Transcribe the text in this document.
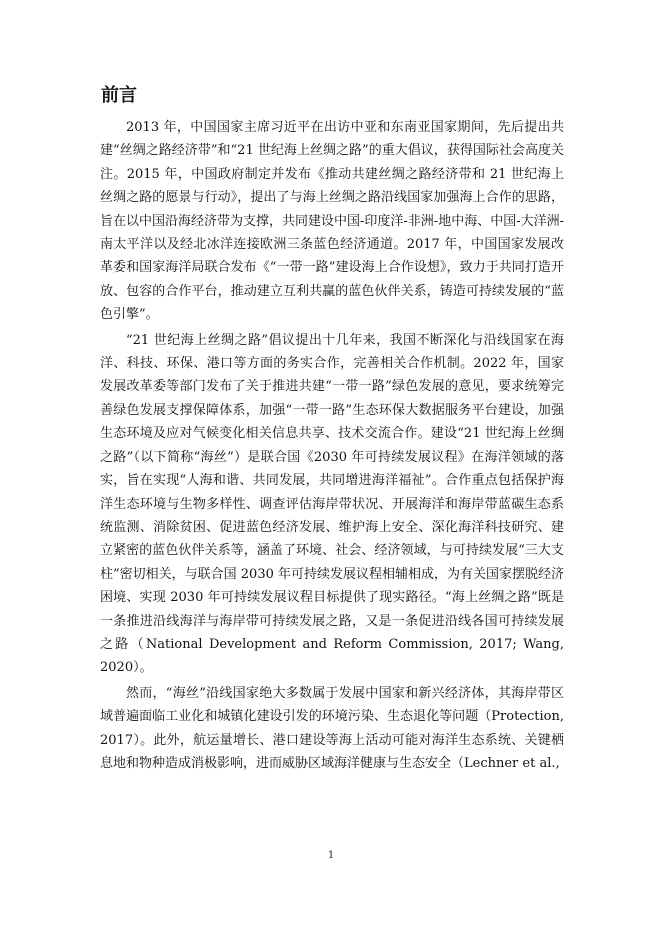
前言

2013 年，中国国家主席习近平在出访中亚和东南亚国家期间，先后提出共建“丝绸之路经济带”和“21 世纪海上丝绸之路”的重大倡议，获得国际社会高度关注。2015 年，中国政府制定并发布《推动共建丝绸之路经济带和 21 世纪海上丝绸之路的愿景与行动》，提出了与海上丝绸之路沿线国家加强海上合作的思路，旨在以中国沿海经济带为支撑，共同建设中国-印度洋-非洲-地中海、中国-大洋洲-南太平洋以及经北冰洋连接欧洲三条蓝色经济通道。2017 年，中国国家发展改革委和国家海洋局联合发布《“一带一路”建设海上合作设想》，致力于共同打造开放、包容的合作平台，推动建立互利共赢的蓝色伙伴关系，铸造可持续发展的“蓝色引擎”。

“21 世纪海上丝绸之路”倡议提出十几年来，我国不断深化与沿线国家在海洋、科技、环保、港口等方面的务实合作，完善相关合作机制。2022 年，国家发展改革委等部门发布了关于推进共建“一带一路”绿色发展的意见，要求统筹完善绿色发展支撑保障体系，加强“一带一路”生态环保大数据服务平台建设，加强生态环境及应对气候变化相关信息共享、技术交流合作。建设“21 世纪海上丝绸之路”（以下简称“海丝”）是联合国《2030 年可持续发展议程》在海洋领域的落实，旨在实现“人海和谐、共同发展，共同增进海洋福祉”。合作重点包括保护海洋生态环境与生物多样性、调查评估海岸带状况、开展海洋和海岸带蓝碳生态系统监测、消除贫困、促进蓝色经济发展、维护海上安全、深化海洋科技研究、建立紧密的蓝色伙伴关系等，涵盖了环境、社会、经济领域，与可持续发展“三大支柱”密切相关，与联合国 2030 年可持续发展议程相辅相成，为有关国家摆脱经济困境、实现 2030 年可持续发展议程目标提供了现实路径。“海上丝绸之路”既是一条推进沿线海洋与海岸带可持续发展之路，又是一条促进沿线各国可持续发展之路（National Development and Reform Commission, 2017; Wang, 2020）。

然而，“海丝”沿线国家绝大多数属于发展中国家和新兴经济体，其海岸带区域普遍面临工业化和城镇化建设引发的环境污染、生态退化等问题（Protection, 2017）。此外，航运量增长、港口建设等海上活动可能对海洋生态系统、关键栖息地和物种造成消极影响，进而威胁区域海洋健康与生态安全（Lechner et al.,

1
